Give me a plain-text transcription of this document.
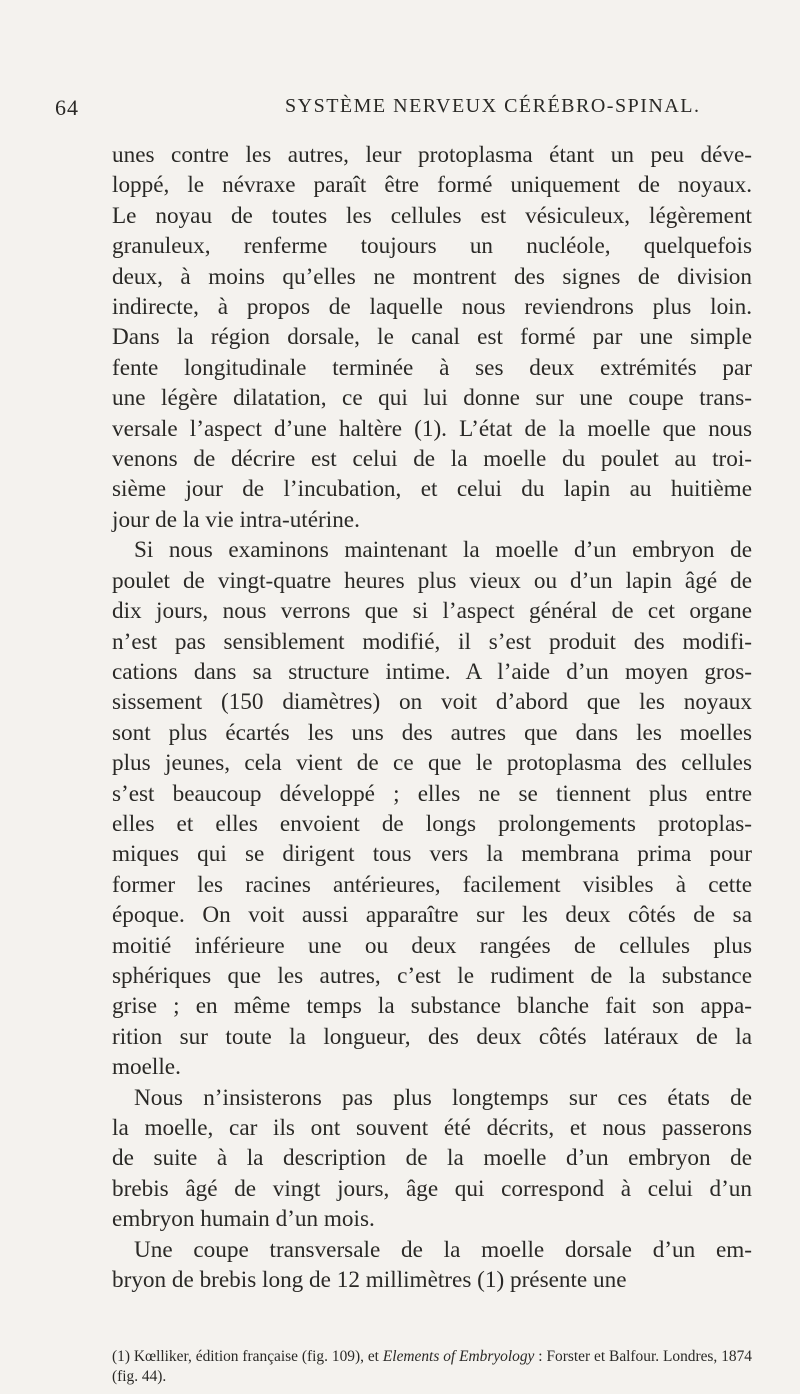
64	SYSTÈME NERVEUX CÉRÉBRO-SPINAL.

unes contre les autres, leur protoplasma étant un peu déve-

loppé, le névraxe paraît être formé uniquement de noyaux.

Le noyau de toutes les cellules est vésiculeux, légèrement

granuleux, renferme toujours un nucléole, quelquefois

deux, à moins qu’elles ne montrent des signes de division

indirecte, à propos de laquelle nous reviendrons plus loin.

Dans la région dorsale, le canal est formé par une simple

fente longitudinale terminée à ses deux extrémités par

une légère dilatation, ce qui lui donne sur une coupe trans-

versale l’aspect d’une haltère (1). L’état de la moelle que nous

venons de décrire est celui de la moelle du poulet au troi-

sième jour de l’incubation, et celui du lapin au huitième

jour de la vie intra-utérine.

Si nous examinons maintenant la moelle d’un embryon de

poulet de vingt-quatre heures plus vieux ou d’un lapin âgé de

dix jours, nous verrons que si l’aspect général de cet organe

n’est pas sensiblement modifié, il s’est produit des modifi-

cations dans sa structure intime. A l’aide d’un moyen gros-

sissement (150 diamètres) on voit d’abord que les noyaux

sont plus écartés les uns des autres que dans les moelles

plus jeunes, cela vient de ce que le protoplasma des cellules

s’est beaucoup développé ; elles ne se tiennent plus entre

elles et elles envoient de longs prolongements protoplas-

miques qui se dirigent tous vers la membrana prima pour

former les racines antérieures, facilement visibles à cette

époque. On voit aussi apparaître sur les deux côtés de sa

moitié inférieure une ou deux rangées de cellules plus

sphériques que les autres, c’est le rudiment de la substance

grise ; en même temps la substance blanche fait son appa-

rition sur toute la longueur, des deux côtés latéraux de la

moelle.

Nous n’insisterons pas plus longtemps sur ces états de

la moelle, car ils ont souvent été décrits, et nous passerons

de suite à la description de la moelle d’un embryon de

brebis âgé de vingt jours, âge qui correspond à celui d’un

embryon humain d’un mois.

Une coupe transversale de la moelle dorsale d’un em-

bryon de brebis long de 12 millimètres (1) présente une

(1) Kœlliker, édition française (fig. 109), et Elements of Embryology : Forster et Balfour. Londres, 1874 (fig. 44).
